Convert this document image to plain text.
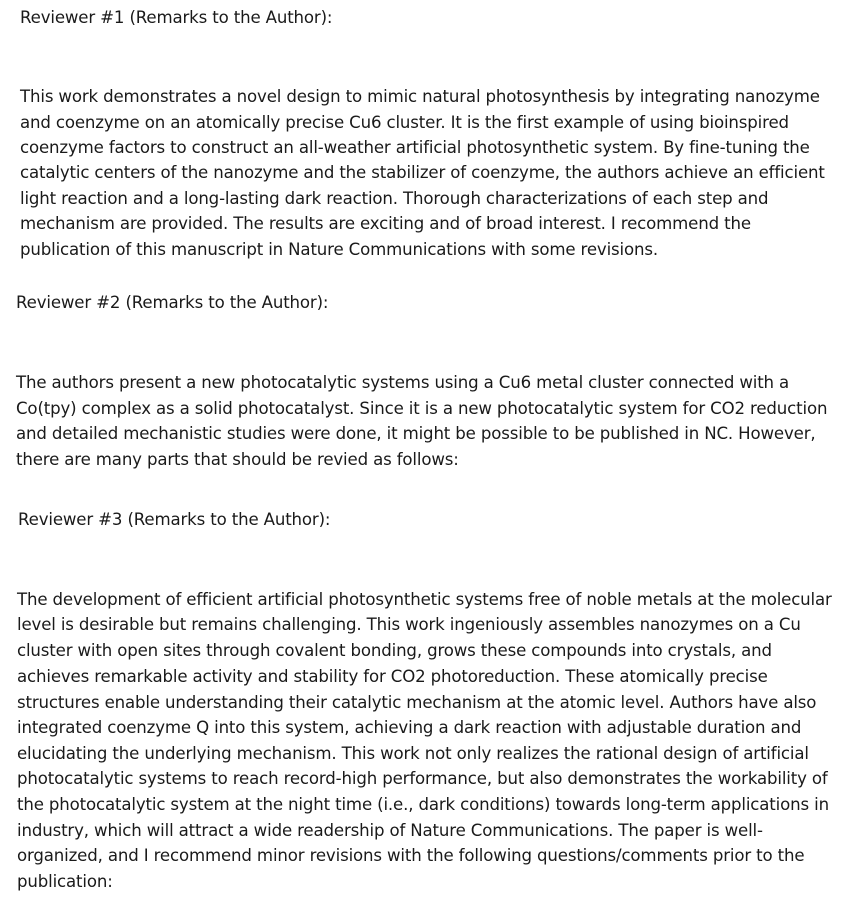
Reviewer #1 (Remarks to the Author):
This work demonstrates a novel design to mimic natural photosynthesis by integrating nanozyme
and coenzyme on an atomically precise Cu6 cluster. It is the first example of using bioinspired
coenzyme factors to construct an all-weather artificial photosynthetic system. By fine-tuning the
catalytic centers of the nanozyme and the stabilizer of coenzyme, the authors achieve an efficient
light reaction and a long-lasting dark reaction. Thorough characterizations of each step and
mechanism are provided. The results are exciting and of broad interest. I recommend the
publication of this manuscript in Nature Communications with some revisions.
Reviewer #2 (Remarks to the Author):
The authors present a new photocatalytic systems using a Cu6 metal cluster connected with a
Co(tpy) complex as a solid photocatalyst. Since it is a new photocatalytic system for CO2 reduction
and detailed mechanistic studies were done, it might be possible to be published in NC. However,
there are many parts that should be revied as follows:
Reviewer #3 (Remarks to the Author):
The development of efficient artificial photosynthetic systems free of noble metals at the molecular
level is desirable but remains challenging. This work ingeniously assembles nanozymes on a Cu
cluster with open sites through covalent bonding, grows these compounds into crystals, and
achieves remarkable activity and stability for CO2 photoreduction. These atomically precise
structures enable understanding their catalytic mechanism at the atomic level. Authors have also
integrated coenzyme Q into this system, achieving a dark reaction with adjustable duration and
elucidating the underlying mechanism. This work not only realizes the rational design of artificial
photocatalytic systems to reach record-high performance, but also demonstrates the workability of
the photocatalytic system at the night time (i.e., dark conditions) towards long-term applications in
industry, which will attract a wide readership of Nature Communications. The paper is well-
organized, and I recommend minor revisions with the following questions/comments prior to the
publication:
